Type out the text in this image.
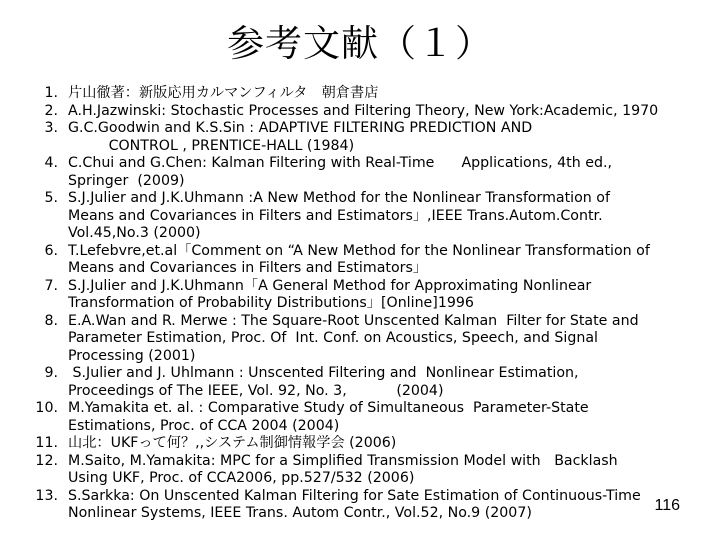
参考文献（１）
1. 片山徹著：新版応用カルマンフィルタ　朝倉書店
2. A.H.Jazwinski: Stochastic Processes and Filtering Theory, New York:Academic, 1970
3. G.C.Goodwin and K.S.Sin : ADAPTIVE FILTERING PREDICTION AND
CONTROL , PRENTICE-HALL (1984)
4. C.Chui and G.Chen: Kalman Filtering with Real-Time      Applications, 4th ed.,
Springer  (2009)
5. S.J.Julier and J.K.Uhmann :A New Method for the Nonlinear Transformation of
Means and Covariances in Filters and Estimators」,IEEE Trans.Autom.Contr.
Vol.45,No.3 (2000)
6. T.Lefebvre,et.al「Comment on “A New Method for the Nonlinear Transformation of
Means and Covariances in Filters and Estimators」
7. S.J.Julier and J.K.Uhmann「A General Method for Approximating Nonlinear
Transformation of Probability Distributions」[Online]1996
8. E.A.Wan and R. Merwe : The Square-Root Unscented Kalman  Filter for State and
Parameter Estimation, Proc. Of  Int. Conf. on Acoustics, Speech, and Signal
Processing (2001)
9. S.Julier and J. Uhlmann : Unscented Filtering and  Nonlinear Estimation,
Proceedings of The IEEE, Vol. 92, No. 3,           (2004)
10. M.Yamakita et. al. : Comparative Study of Simultaneous  Parameter-State
Estimations, Proc. of CCA 2004 (2004)
11. 山北：UKFって何？,,システム制御情報学会 (2006)
12. M.Saito, M.Yamakita: MPC for a Simplified Transmission Model with   Backlash
Using UKF, Proc. of CCA2006, pp.527/532 (2006)
13. S.Sarkka: On Unscented Kalman Filtering for Sate Estimation of Continuous-Time
Nonlinear Systems, IEEE Trans. Autom Contr., Vol.52, No.9 (2007)	116
